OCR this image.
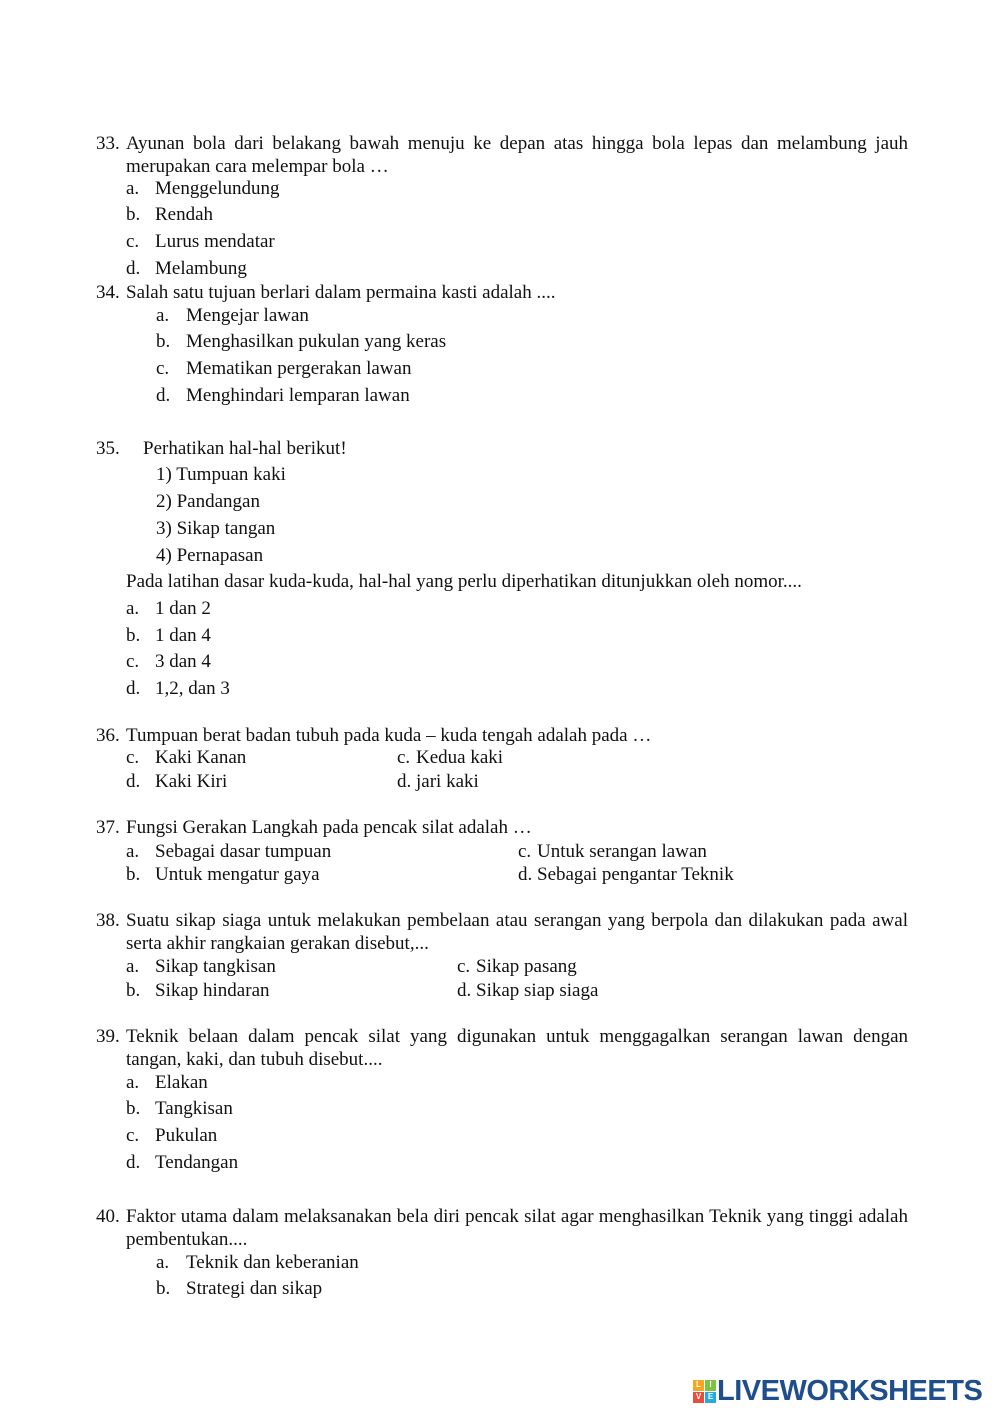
33. Ayunan bola dari belakang bawah menuju ke depan atas hingga bola lepas dan melambung jauh merupakan cara melempar bola …
a. Menggelundung
b. Rendah
c. Lurus mendatar
d. Melambung
34. Salah satu tujuan berlari dalam permaina kasti adalah ....
a. Mengejar lawan
b. Menghasilkan pukulan yang keras
c. Mematikan pergerakan lawan
d. Menghindari lemparan lawan
35. Perhatikan hal-hal berikut!
1) Tumpuan kaki
2) Pandangan
3) Sikap tangan
4) Pernapasan
Pada latihan dasar kuda-kuda, hal-hal yang perlu diperhatikan ditunjukkan oleh nomor....
a. 1 dan 2
b. 1 dan 4
c. 3 dan 4
d. 1,2, dan 3
36. Tumpuan berat badan tubuh pada kuda – kuda tengah adalah pada …
c. Kaki Kanan	c. Kedua kaki
d. Kaki Kiri	d. jari kaki
37. Fungsi Gerakan Langkah pada pencak silat adalah …
a. Sebagai dasar tumpuan	c. Untuk serangan lawan
b. Untuk mengatur gaya	d. Sebagai pengantar Teknik
38. Suatu sikap siaga untuk melakukan pembelaan atau serangan yang berpola dan dilakukan pada awal serta akhir rangkaian gerakan disebut,...
a. Sikap tangkisan	c. Sikap pasang
b. Sikap hindaran	d. Sikap siap siaga
39. Teknik belaan dalam pencak silat yang digunakan untuk menggagalkan serangan lawan dengan tangan, kaki, dan tubuh disebut....
a. Elakan
b. Tangkisan
c. Pukulan
d. Tendangan
40. Faktor utama dalam melaksanakan bela diri pencak silat agar menghasilkan Teknik yang tinggi adalah pembentukan....
a. Teknik dan keberanian
b. Strategi dan sikap
L	I
V E LIVEWORKSHEETS
